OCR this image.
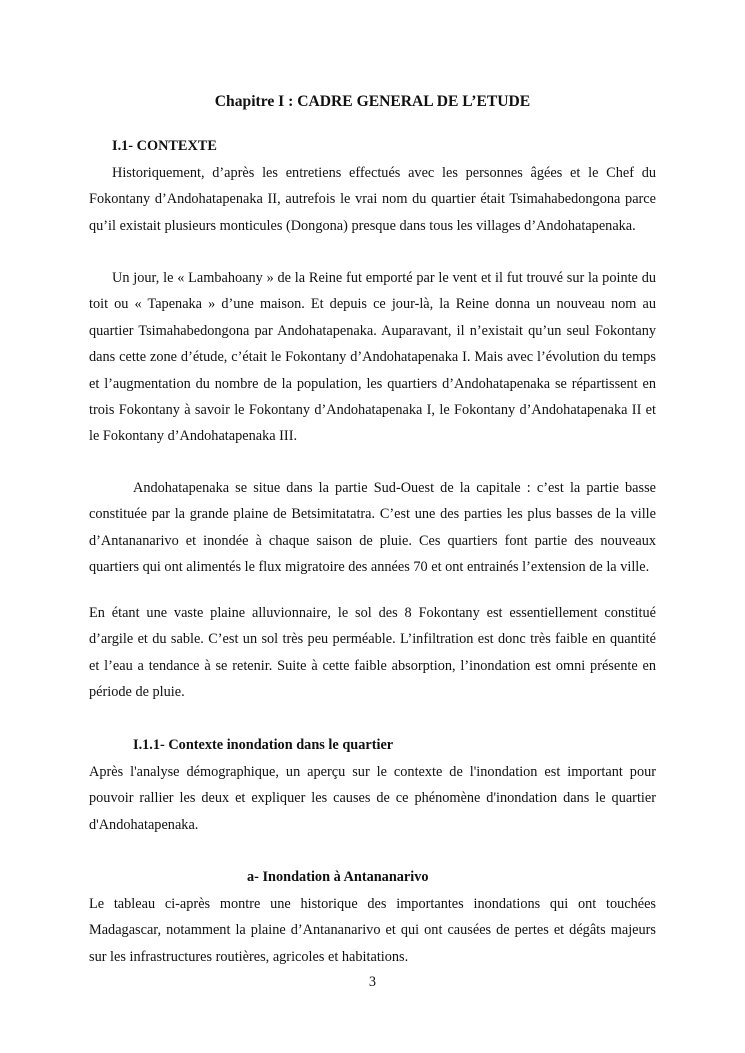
Chapitre I : CADRE GENERAL DE L’ETUDE
I.1- CONTEXTE

Historiquement, d’après les entretiens effectués avec les personnes âgées et le Chef du Fokontany d’Andohatapenaka II, autrefois le vrai nom du quartier était Tsimahabedongona parce qu’il existait plusieurs monticules (Dongona) presque dans tous les villages d’Andohatapenaka.

Un jour, le « Lambahoany » de la Reine fut emporté par le vent et il fut trouvé sur la pointe du toit ou « Tapenaka » d’une maison. Et depuis ce jour-là, la Reine donna un nouveau nom au quartier Tsimahabedongona par Andohatapenaka. Auparavant, il n’existait qu’un seul Fokontany dans cette zone d’étude, c’était le Fokontany d’Andohatapenaka I. Mais avec l’évolution du temps et l’augmentation du nombre de la population, les quartiers d’Andohatapenaka se répartissent en trois Fokontany à savoir le Fokontany d’Andohatapenaka I, le Fokontany d’Andohatapenaka II et le Fokontany d’Andohatapenaka III.

Andohatapenaka se situe dans la partie Sud-Ouest de la capitale : c’est la partie basse constituée par la grande plaine de Betsimitatatra. C’est une des parties les plus basses de la ville d’Antananarivo et inondée à chaque saison de pluie. Ces quartiers font partie des nouveaux quartiers qui ont alimentés le flux migratoire des années 70 et ont entrainés l’extension de la ville.

En étant une vaste plaine alluvionnaire, le sol des 8 Fokontany est essentiellement constitué d’argile et du sable. C’est un sol très peu perméable. L’infiltration est donc très faible en quantité et l’eau a tendance à se retenir. Suite à cette faible absorption, l’inondation est omni présente en période de pluie.

I.1.1- Contexte inondation dans le quartier

Après l'analyse démographique, un aperçu sur le contexte de l'inondation est important pour pouvoir rallier les deux et expliquer les causes de ce phénomène d'inondation dans le quartier d'Andohatapenaka.

a- Inondation à Antananarivo

Le tableau ci-après montre une historique des importantes inondations qui ont touchées Madagascar, notamment la plaine d’Antananarivo et qui ont causées de pertes et dégâts majeurs sur les infrastructures routières, agricoles et habitations.

3
